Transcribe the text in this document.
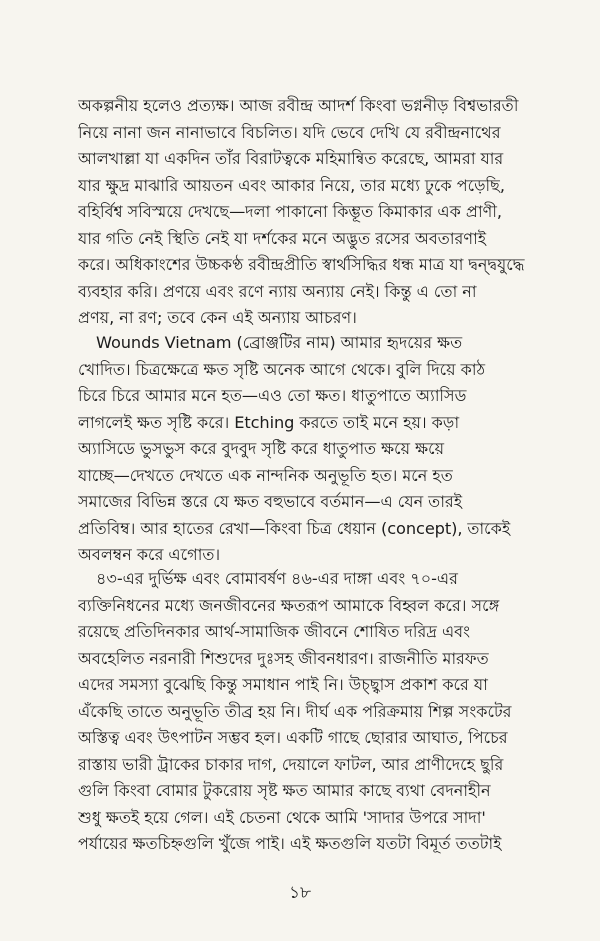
অকল্পনীয় হলেও প্রত্যক্ষ। আজ রবীন্দ্র আদর্শ কিংবা ভগ্ননীড় বিশ্বভারতী
নিয়ে নানা জন নানাভাবে বিচলিত। যদি ভেবে দেখি যে রবীন্দ্রনাথের
আলখাল্লা যা একদিন তাঁর বিরাটত্বকে মহিমান্বিত করেছে, আমরা যার
যার ক্ষুদ্র মাঝারি আয়তন এবং আকার নিয়ে, তার মধ্যে ঢুকে পড়েছি,
বহির্বিশ্ব সবিস্ময়ে দেখছে—দলা পাকানো কিম্ভূত কিমাকার এক প্রাণী,
যার গতি নেই স্থিতি নেই যা দর্শকের মনে অদ্ভুত রসের অবতারণাই
করে। অধিকাংশের উচ্চকণ্ঠ রবীন্দ্রপ্রীতি স্বার্থসিদ্ধির ধন্ধ মাত্র যা দ্বন্দ্বযুদ্ধে
ব্যবহার করি। প্রণয়ে এবং রণে ন্যায় অন্যায় নেই। কিন্তু এ তো না
প্রণয়, না রণ; তবে কেন এই অন্যায় আচরণ।
Wounds Vietnam (ব্রোঞ্জটির নাম) আমার হৃদয়ের ক্ষত
খোদিত। চিত্রক্ষেত্রে ক্ষত সৃষ্টি অনেক আগে থেকে। বুলি দিয়ে কাঠ
চিরে চিরে আমার মনে হত—এও তো ক্ষত। ধাতুপাতে অ্যাসিড
লাগলেই ক্ষত সৃষ্টি করে। Etching করতে তাই মনে হয়। কড়া
অ্যাসিডে ভুসভুস করে বুদবুদ সৃষ্টি করে ধাতুপাত ক্ষয়ে ক্ষয়ে
যাচ্ছে—দেখতে দেখতে এক নান্দনিক অনুভূতি হত। মনে হত
সমাজের বিভিন্ন স্তরে যে ক্ষত বহুভাবে বর্তমান—এ যেন তারই
প্রতিবিম্ব। আর হাতের রেখা—কিংবা চিত্র ধেয়ান (concept), তাকেই
অবলম্বন করে এগোত।
৪৩-এর দুর্ভিক্ষ এবং বোমাবর্ষণ ৪৬-এর দাঙ্গা এবং ৭০-এর
ব্যক্তিনিধনের মধ্যে জনজীবনের ক্ষতরূপ আমাকে বিহ্বল করে। সঙ্গে
রয়েছে প্রতিদিনকার আর্থ-সামাজিক জীবনে শোষিত দরিদ্র এবং
অবহেলিত নরনারী শিশুদের দুঃসহ জীবনধারণ। রাজনীতি মারফত
এদের সমস্যা বুঝেছি কিন্তু সমাধান পাই নি। উচ্ছ্বাস প্রকাশ করে যা
এঁকেছি তাতে অনুভূতি তীব্র হয় নি। দীর্ঘ এক পরিক্রমায় শিল্প সংকটের
অস্তিত্ব এবং উৎপাটন সম্ভব হল। একটি গাছে ছোরার আঘাত, পিচের
রাস্তায় ভারী ট্রাকের চাকার দাগ, দেয়ালে ফাটল, আর প্রাণীদেহে ছুরি
গুলি কিংবা বোমার টুকরোয় সৃষ্ট ক্ষত আমার কাছে ব্যথা বেদনাহীন
শুধু ক্ষতই হয়ে গেল। এই চেতনা থেকে আমি 'সাদার উপরে সাদা'
পর্যায়ের ক্ষতচিহ্নগুলি খুঁজে পাই। এই ক্ষতগুলি যতটা বিমূর্ত ততটাই
১৮
